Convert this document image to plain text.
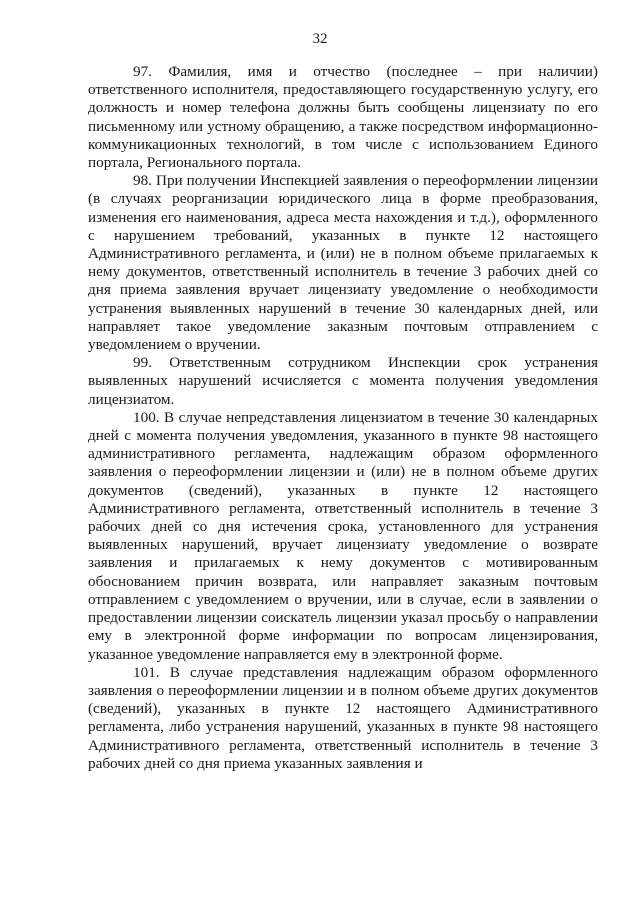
32

97. Фамилия, имя и отчество (последнее – при наличии) ответственного исполнителя, предоставляющего государственную услугу, его должность и номер телефона должны быть сообщены лицензиату по его письменному или устному обращению, а также посредством информационно-коммуникационных технологий, в том числе с использованием Единого портала, Регионального портала.

98. При получении Инспекцией заявления о переоформлении лицензии (в случаях реорганизации юридического лица в форме преобразования, изменения его наименования, адреса места нахождения и т.д.), оформленного с нарушением требований, указанных в пункте 12 настоящего Административного регламента, и (или) не в полном объеме прилагаемых к нему документов, ответственный исполнитель в течение 3 рабочих дней со дня приема заявления вручает лицензиату уведомление о необходимости устранения выявленных нарушений в течение 30 календарных дней, или направляет такое уведомление заказным почтовым отправлением с уведомлением о вручении.

99. Ответственным сотрудником Инспекции срок устранения выявленных нарушений исчисляется с момента получения уведомления лицензиатом.

100. В случае непредставления лицензиатом в течение 30 календарных дней с момента получения уведомления, указанного в пункте 98 настоящего административного регламента, надлежащим образом оформленного заявления о переоформлении лицензии и (или) не в полном объеме других документов (сведений), указанных в пункте 12 настоящего Административного регламента, ответственный исполнитель в течение 3 рабочих дней со дня истечения срока, установленного для устранения выявленных нарушений, вручает лицензиату уведомление о возврате заявления и прилагаемых к нему документов с мотивированным обоснованием причин возврата, или направляет заказным почтовым отправлением с уведомлением о вручении, или в случае, если в заявлении о предоставлении лицензии соискатель лицензии указал просьбу о направлении ему в электронной форме информации по вопросам лицензирования, указанное уведомление направляется ему в электронной форме.

101. В случае представления надлежащим образом оформленного заявления о переоформлении лицензии и в полном объеме других документов (сведений), указанных в пункте 12 настоящего Административного регламента, либо устранения нарушений, указанных в пункте 98 настоящего Административного регламента, ответственный исполнитель в течение 3 рабочих дней со дня приема указанных заявления и
